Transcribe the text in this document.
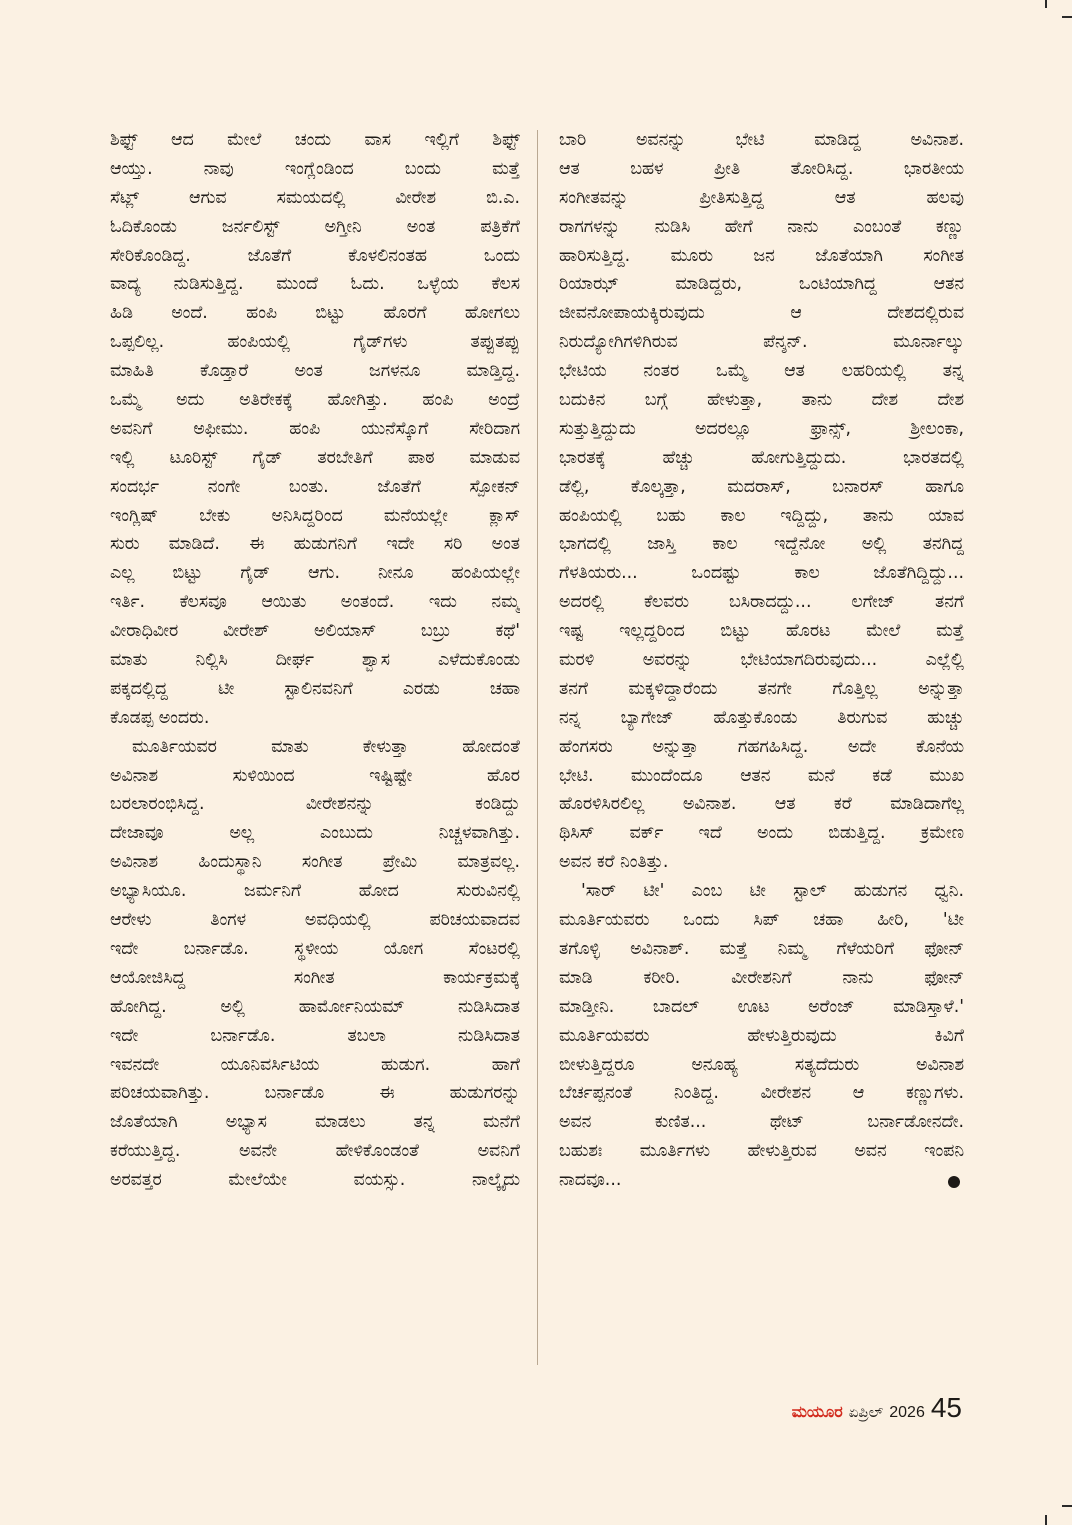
ಶಿಫ್ಟ್ ಆದ ಮೇಲೆ ಚಂದು ವಾಸ ಇಲ್ಲಿಗೆ ಶಿಫ್ಟ್
ಆಯ್ತು. ನಾವು ಇಂಗ್ಲೆಂಡಿಂದ ಬಂದು ಮತ್ತೆ
ಸೆಟ್ಲ್ ಆಗುವ ಸಮಯದಲ್ಲಿ ವೀರೇಶ ಬಿ.ಎ.
ಓದಿಕೊಂಡು ಜರ್ನಲಿಸ್ಟ್ ಅಗ್ತೀನಿ ಅಂತ ಪತ್ರಿಕೆಗೆ
ಸೇರಿಕೊಂಡಿದ್ದ. ಜೊತೆಗೆ ಕೊಳಲಿನಂತಹ ಒಂದು
ವಾದ್ಯ ನುಡಿಸುತ್ತಿದ್ದ. ಮುಂದೆ ಓದು. ಒಳ್ಳೆಯ ಕೆಲಸ
ಹಿಡಿ ಅಂದೆ. ಹಂಪಿ ಬಿಟ್ಟು ಹೊರಗೆ ಹೋಗಲು
ಒಪ್ಪಲಿಲ್ಲ. ಹಂಪಿಯಲ್ಲಿ ಗೈಡ್‌ಗಳು ತಪ್ಪುತಪ್ಪು
ಮಾಹಿತಿ ಕೊಡ್ತಾರೆ ಅಂತ ಜಗಳನೂ ಮಾಡ್ತಿದ್ದ.
ಒಮ್ಮೆ ಅದು ಅತಿರೇಕಕ್ಕೆ ಹೋಗಿತ್ತು. ಹಂಪಿ ಅಂದ್ರೆ
ಅವನಿಗೆ ಅಫೀಮು. ಹಂಪಿ ಯುನೆಸ್ಕೊಗೆ ಸೇರಿದಾಗ
ಇಲ್ಲಿ ಟೂರಿಸ್ಟ್ ಗೈಡ್ ತರಬೇತಿಗೆ ಪಾಠ ಮಾಡುವ
ಸಂದರ್ಭ ನಂಗೇ ಬಂತು. ಜೊತೆಗೆ ಸ್ಪೋಕನ್
ಇಂಗ್ಲಿಷ್ ಬೇಕು ಅನಿಸಿದ್ದರಿಂದ ಮನೆಯಲ್ಲೇ ಕ್ಲಾಸ್
ಸುರು ಮಾಡಿದೆ. ಈ ಹುಡುಗನಿಗೆ ಇದೇ ಸರಿ ಅಂತ
ಎಲ್ಲ ಬಿಟ್ಟು ಗೈಡ್ ಆಗು. ನೀನೂ ಹಂಪಿಯಲ್ಲೇ
ಇರ್ತಿ. ಕೆಲಸವೂ ಆಯಿತು ಅಂತಂದೆ. ಇದು ನಮ್ಮ
ವೀರಾಧಿವೀರ ವೀರೇಶ್ ಅಲಿಯಾಸ್ ಬಬ್ರು ಕಥೆ'
ಮಾತು ನಿಲ್ಲಿಸಿ ದೀರ್ಘ ಶ್ವಾಸ ಎಳೆದುಕೊಂಡು
ಪಕ್ಕದಲ್ಲಿದ್ದ ಟೀ ಸ್ಟಾಲಿನವನಿಗೆ ಎರಡು ಚಹಾ
ಕೊಡಪ್ಪ ಅಂದರು.
ಮೂರ್ತಿಯವರ ಮಾತು ಕೇಳುತ್ತಾ ಹೋದಂತೆ
ಅವಿನಾಶ ಸುಳಿಯಿಂದ ಇಷ್ಟಿಷ್ಟೇ ಹೊರ
ಬರಲಾರಂಭಿಸಿದ್ದ. ವೀರೇಶನನ್ನು ಕಂಡಿದ್ದು
ದೇಜಾವೂ ಅಲ್ಲ ಎಂಬುದು ನಿಚ್ಚಳವಾಗಿತ್ತು.
ಅವಿನಾಶ ಹಿಂದುಸ್ಥಾನಿ ಸಂಗೀತ ಪ್ರೇಮಿ ಮಾತ್ರವಲ್ಲ.
ಅಭ್ಯಾಸಿಯೂ. ಜರ್ಮನಿಗೆ ಹೋದ ಸುರುವಿನಲ್ಲಿ
ಆರೇಳು ತಿಂಗಳ ಅವಧಿಯಲ್ಲಿ ಪರಿಚಯವಾದವ
ಇದೇ ಬರ್ನಾಡೊ. ಸ್ಥಳೀಯ ಯೋಗ ಸೆಂಟರಲ್ಲಿ
ಆಯೋಜಿಸಿದ್ದ ಸಂಗೀತ ಕಾರ್ಯಕ್ರಮಕ್ಕೆ
ಹೋಗಿದ್ದ. ಅಲ್ಲಿ ಹಾರ್ಮೋನಿಯಮ್ ನುಡಿಸಿದಾತ
ಇದೇ ಬರ್ನಾಡೊ. ತಬಲಾ ನುಡಿಸಿದಾತ
ಇವನದೇ ಯೂನಿವರ್ಸಿಟಿಯ ಹುಡುಗ. ಹಾಗೆ
ಪರಿಚಯವಾಗಿತ್ತು. ಬರ್ನಾಡೊ ಈ ಹುಡುಗರನ್ನು
ಜೊತೆಯಾಗಿ ಅಭ್ಯಾಸ ಮಾಡಲು ತನ್ನ ಮನೆಗೆ
ಕರೆಯುತ್ತಿದ್ದ. ಅವನೇ ಹೇಳಿಕೊಂಡಂತೆ ಅವನಿಗೆ
ಅರವತ್ತರ ಮೇಲೆಯೇ ವಯಸ್ಸು. ನಾಲ್ಕೈದು
ಬಾರಿ ಅವನನ್ನು ಭೇಟಿ ಮಾಡಿದ್ದ ಅವಿನಾಶ.
ಆತ ಬಹಳ ಪ್ರೀತಿ ತೋರಿಸಿದ್ದ. ಭಾರತೀಯ
ಸಂಗೀತವನ್ನು ಪ್ರೀತಿಸುತ್ತಿದ್ದ ಆತ ಹಲವು
ರಾಗಗಳನ್ನು ನುಡಿಸಿ ಹೇಗೆ ನಾನು ಎಂಬಂತೆ ಕಣ್ಣು
ಹಾರಿಸುತ್ತಿದ್ದ. ಮೂರು ಜನ ಜೊತೆಯಾಗಿ ಸಂಗೀತ
ರಿಯಾಝ್ ಮಾಡಿದ್ದರು, ಒಂಟಿಯಾಗಿದ್ದ ಆತನ
ಜೀವನೋಪಾಯಕ್ಕಿರುವುದು ಆ ದೇಶದಲ್ಲಿರುವ
ನಿರುದ್ಯೋಗಿಗಳಿಗಿರುವ ಪೆನ್ಶನ್. ಮೂರ್ನಾಲ್ಕು
ಭೇಟಿಯ ನಂತರ ಒಮ್ಮೆ ಆತ ಲಹರಿಯಲ್ಲಿ ತನ್ನ
ಬದುಕಿನ ಬಗ್ಗೆ ಹೇಳುತ್ತಾ, ತಾನು ದೇಶ ದೇಶ
ಸುತ್ತುತ್ತಿದ್ದುದು ಅದರಲ್ಲೂ ಫ್ರಾನ್ಸ್, ಶ್ರೀಲಂಕಾ,
ಭಾರತಕ್ಕೆ ಹೆಚ್ಚು ಹೋಗುತ್ತಿದ್ದುದು. ಭಾರತದಲ್ಲಿ
ಡೆಲ್ಲಿ, ಕೊಲ್ಕತ್ತಾ, ಮದರಾಸ್, ಬನಾರಸ್ ಹಾಗೂ
ಹಂಪಿಯಲ್ಲಿ ಬಹು ಕಾಲ ಇದ್ದಿದ್ದು, ತಾನು ಯಾವ
ಭಾಗದಲ್ಲಿ ಜಾಸ್ತಿ ಕಾಲ ಇದ್ದೆನೋ ಅಲ್ಲಿ ತನಗಿದ್ದ
ಗೆಳತಿಯರು... ಒಂದಷ್ಟು ಕಾಲ ಜೊತೆಗಿದ್ದಿದ್ದು...
ಅದರಲ್ಲಿ ಕೆಲವರು ಬಸಿರಾದದ್ದು... ಲಗೇಜ್ ತನಗೆ
ಇಷ್ಟ ಇಲ್ಲದ್ದರಿಂದ ಬಿಟ್ಟು ಹೊರಟ ಮೇಲೆ ಮತ್ತೆ
ಮರಳಿ ಅವರನ್ನು ಭೇಟಿಯಾಗದಿರುವುದು... ಎಲ್ಲೆಲ್ಲಿ
ತನಗೆ ಮಕ್ಕಳಿದ್ದಾರೆಂದು ತನಗೇ ಗೊತ್ತಿಲ್ಲ ಅನ್ನುತ್ತಾ
ನನ್ನ ಬ್ಯಾಗೇಜ್ ಹೊತ್ತುಕೊಂಡು ತಿರುಗುವ ಹುಚ್ಚು
ಹೆಂಗಸರು ಅನ್ನುತ್ತಾ ಗಹಗಹಿಸಿದ್ದ. ಅದೇ ಕೊನೆಯ
ಭೇಟಿ. ಮುಂದೆಂದೂ ಆತನ ಮನೆ ಕಡೆ ಮುಖ
ಹೊರಳಿಸಿರಲಿಲ್ಲ ಅವಿನಾಶ. ಆತ ಕರೆ ಮಾಡಿದಾಗೆಲ್ಲ
ಥಿಸಿಸ್ ವರ್ಕ್ ಇದೆ ಅಂದು ಬಿಡುತ್ತಿದ್ದ. ಕ್ರಮೇಣ
ಅವನ ಕರೆ ನಿಂತಿತ್ತು.
'ಸಾರ್ ಟೀ' ಎಂಬ ಟೀ ಸ್ಟಾಲ್ ಹುಡುಗನ ಧ್ವನಿ.
ಮೂರ್ತಿಯವರು ಒಂದು ಸಿಪ್ ಚಹಾ ಹೀರಿ, 'ಟೀ
ತಗೊಳ್ಳಿ ಅವಿನಾಶ್. ಮತ್ತೆ ನಿಮ್ಮ ಗೆಳೆಯರಿಗೆ ಫೋನ್
ಮಾಡಿ ಕರೀರಿ. ವೀರೇಶನಿಗೆ ನಾನು ಫೋನ್
ಮಾಡ್ತೀನಿ. ಬಾದಲ್ ಊಟ ಅರೆಂಜ್ ಮಾಡಿಸ್ತಾಳೆ.'
ಮೂರ್ತಿಯವರು ಹೇಳುತ್ತಿರುವುದು ಕಿವಿಗೆ
ಬೀಳುತ್ತಿದ್ದರೂ ಅನೂಹ್ಯ ಸತ್ಯದೆದುರು ಅವಿನಾಶ
ಬೆರ್ಚಪ್ಪನಂತೆ ನಿಂತಿದ್ದ. ವೀರೇಶನ ಆ ಕಣ್ಣುಗಳು.
ಅವನ ಕುಣಿತ... ಥೇಟ್ ಬರ್ನಾಡೋನದೇ.
ಬಹುಶಃ ಮೂರ್ತಿಗಳು ಹೇಳುತ್ತಿರುವ ಅವನ ಇಂಪನಿ
ನಾದವೂ...
ಮಯೂರ ಏಪ್ರಿಲ್ 2026 45
